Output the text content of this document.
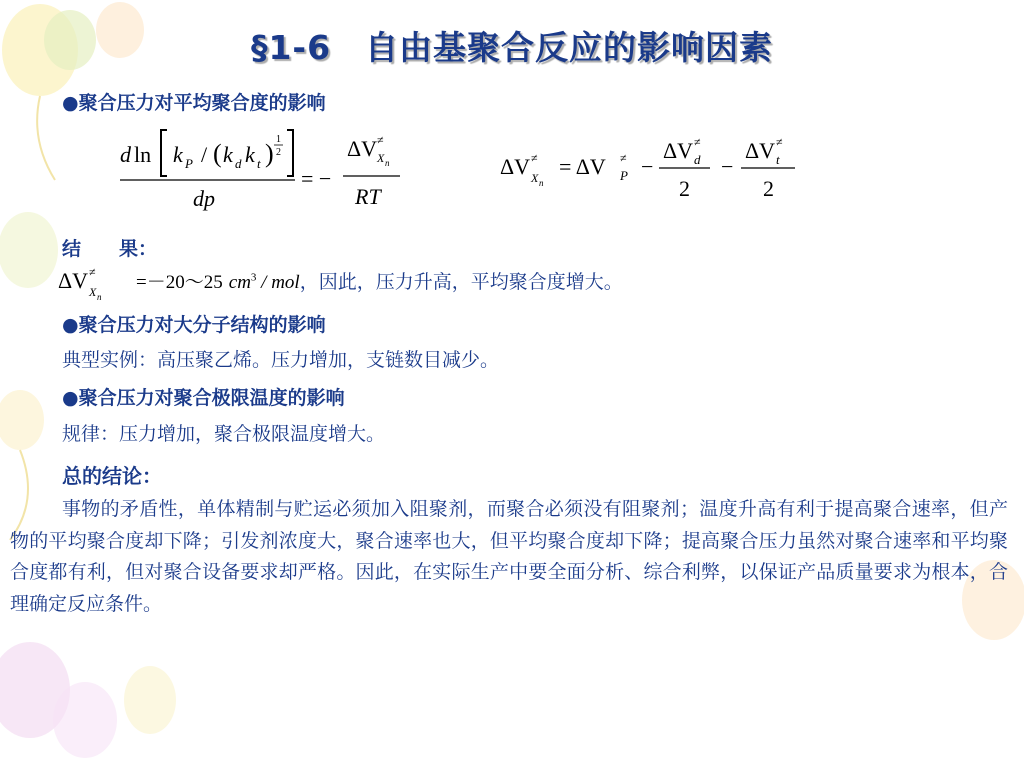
§1-6　自由基聚合反应的影响因素
●聚合压力对平均聚合度的影响
d ln k P / ( k d k t ) 1
2
dp
= −
ΔV ≠
X n
RT
ΔV ≠
X n
= ΔV ≠
P −
ΔV ≠
d
2
−
ΔV ≠
t
2
结　　果：
ΔV ≠
X n
=－20～25 $cm^3$ / mol，因此，压力升高，平均聚合度增大。
●聚合压力对大分子结构的影响
典型实例：高压聚乙烯。压力增加，支链数目减少。
●聚合压力对聚合极限温度的影响
规律：压力增加，聚合极限温度增大。
总的结论：
事物的矛盾性，单体精制与贮运必须加入阻聚剂，而聚合必须没有阻聚剂；温度升高有利于提高聚合速率，但产物的平均聚合度却下降；引发剂浓度大，聚合速率也大，但平均聚合度却下降；提高聚合压力虽然对聚合速率和平均聚合度都有利，但对聚合设备要求却严格。因此，在实际生产中要全面分析、综合利弊，以保证产品质量要求为根本，合理确定反应条件。
